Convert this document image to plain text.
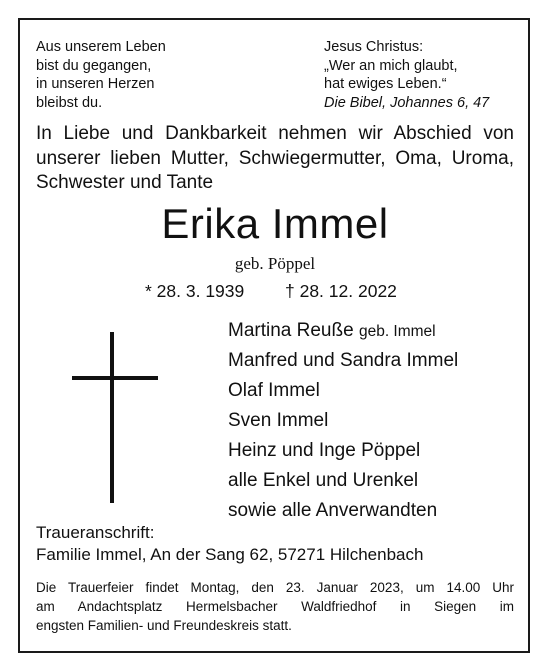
Aus unserem Leben
bist du gegangen,
in unseren Herzen
bleibst du.
Jesus Christus:
„Wer an mich glaubt,
hat ewiges Leben.“
Die Bibel, Johannes 6, 47
In Liebe und Dankbarkeit nehmen wir Abschied von
unserer lieben Mutter, Schwiegermutter, Oma, Uroma,
Schwester und Tante
Erika Immel
geb. Pöppel
* 28. 3. 1939 † 28. 12. 2022
Martina Reuße geb. Immel
Manfred und Sandra Immel
Olaf Immel
Sven Immel
Heinz und Inge Pöppel
alle Enkel und Urenkel
sowie alle Anverwandten
Traueranschrift:
Familie Immel, An der Sang 62, 57271 Hilchenbach
Die Trauerfeier findet Montag, den 23. Januar 2023, um 14.00 Uhr
am Andachtsplatz Hermelsbacher Waldfriedhof in Siegen im
engsten Familien- und Freundeskreis statt.
